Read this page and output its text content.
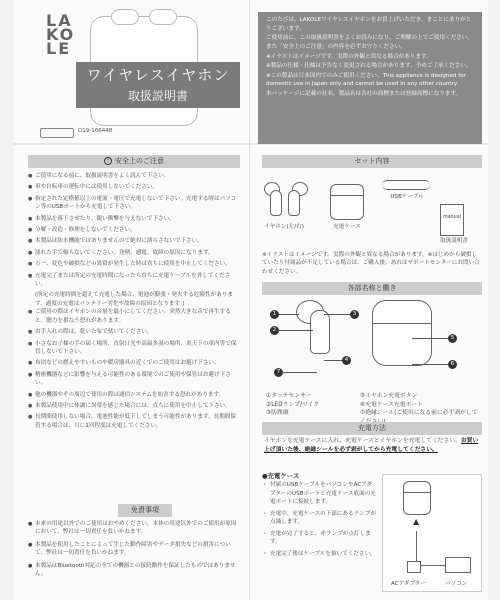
LA
KO
LE
ワイヤレスイヤホン
取扱説明書
D19-166448

このたびは、LAKOLEワイヤレスイヤホンをお買上げいただき、まことにありがとうございます。

ご使用前に、この取扱説明書をよくお読みになり、ご理解の上でご使用ください。

また「安全上のご注意」の内容を必ずお守りください。

※イラストはイメージです。実際の外観と異なる場合があります。

※製品の仕様・仕様は予告なく変更される場合があります。予めご了承ください。

※この製品は日本国内でのみご使用ください。This appliance is designed for domestic use in Japan only and cannot be used in any other country.

本パッケージに記載の社名、製品名は各社の商標または登録商標になります。

! 安全上のご注意
● ご使用になる前に、取扱説明書をよく読んで下さい。
● 車や自転車の運転中には使用しないでください。
● 指定された定格値以上の電流・電圧で充電しないで下さい。充電する時はパソコン等のUSBポートから充電して下さい。
● 本製品を落下させたり、鋭い衝撃を与えないで下さい。
● 分解・改造・修理をしないでください。
● 本製品は防水機能ではありませんので絶対に濡らさないで下さい。
● 濡れた手で触らないでください。発熱、感電、故障の原因になります。
● 万一、変色や破損などの異常が発生した時は直ちに使用を中止してください。
● 充電完了または所定の充電時間になったら直ちに充電ケーブルを外してください。
(所定の充電時間を超えて充電した場合、電池が膨張・発火する危険性があります。過度の充電はバッテリー劣化や故障の原因となります。)
● ご使用の際はイヤホンの音量を最小にしてください。突然大きな音で再生すると、聴力を損なう恐れがあります。
● お手入れの際は、乾いた布で拭いてください。
● 小さなお子様の手の届く場所、直射日光や高温多湿の場所、炎天下の車内等で保管しないで下さい。
● 布団などの燃えやすいものや暖房器具の近くでのご使用はお避け下さい。
● 精密機器などに影響を与える可能性のある環境でのご使用や保管はお避け下さい。
● 他の機器やその周辺で使用の際は通信システムを妨害する恐れがあります。
● 本製品使用中に体調に異常を感じた場合には、直ちに使用を中止して下さい。
● 長期間使用しない場合、電池性能が低下してしまう可能性があります。長期間保管する場合は、月に1回程度は充電してください。
免責事項
● 本来の用途以外でのご使用はおやめください。本体の用途以外でのご使用が原因において、弊社は一切責任を負いかねます。
● 本製品を使用したことによって生じた動作障害やデータ損失などの損害について、弊社は一切責任を負いかねます。
● 本製品はBluetooth対応の全ての機器との接続動作を保証したものではありません。
セット内容
manual
イヤホン(左/右)	充電ケース
USBケーブル
取扱説明書
※イラストはイメージです。実際の外観と異なる場合があります。※はじめから破損していたり付属品が不足している場合は、ご購入後、あれはサポートセンターにお問い合わせください。
各部名称と働き
1
2
3
4
5
6
7
①タッチセンサー	⑤イヤホン充電ボタン
②LEDランプ/マイク	⑥充電ケース充電ポート
③防塵網	⑦絶縁シール(ご使用になる前に必ず剥がして
充電方法
イヤホンを充電ケースに入れ、充電ケースとイヤホンを充電してください。お買い上げ頂いた後、絶縁シールを必ず剥がしてから充電してください。
●充電ケース
・ 付属のUSBケーブルをパソコンやACアダプターのUSBポートと充電ケース底面の充電ポートに接続します。
・ 充電中、充電ケースの下部にあるランプが点滅します。
・ 充電が完了すると、赤ランプが点灯します。
・ 充電完了後はケーブルを抜いてください。
▲
ACアダプター	パソコン
